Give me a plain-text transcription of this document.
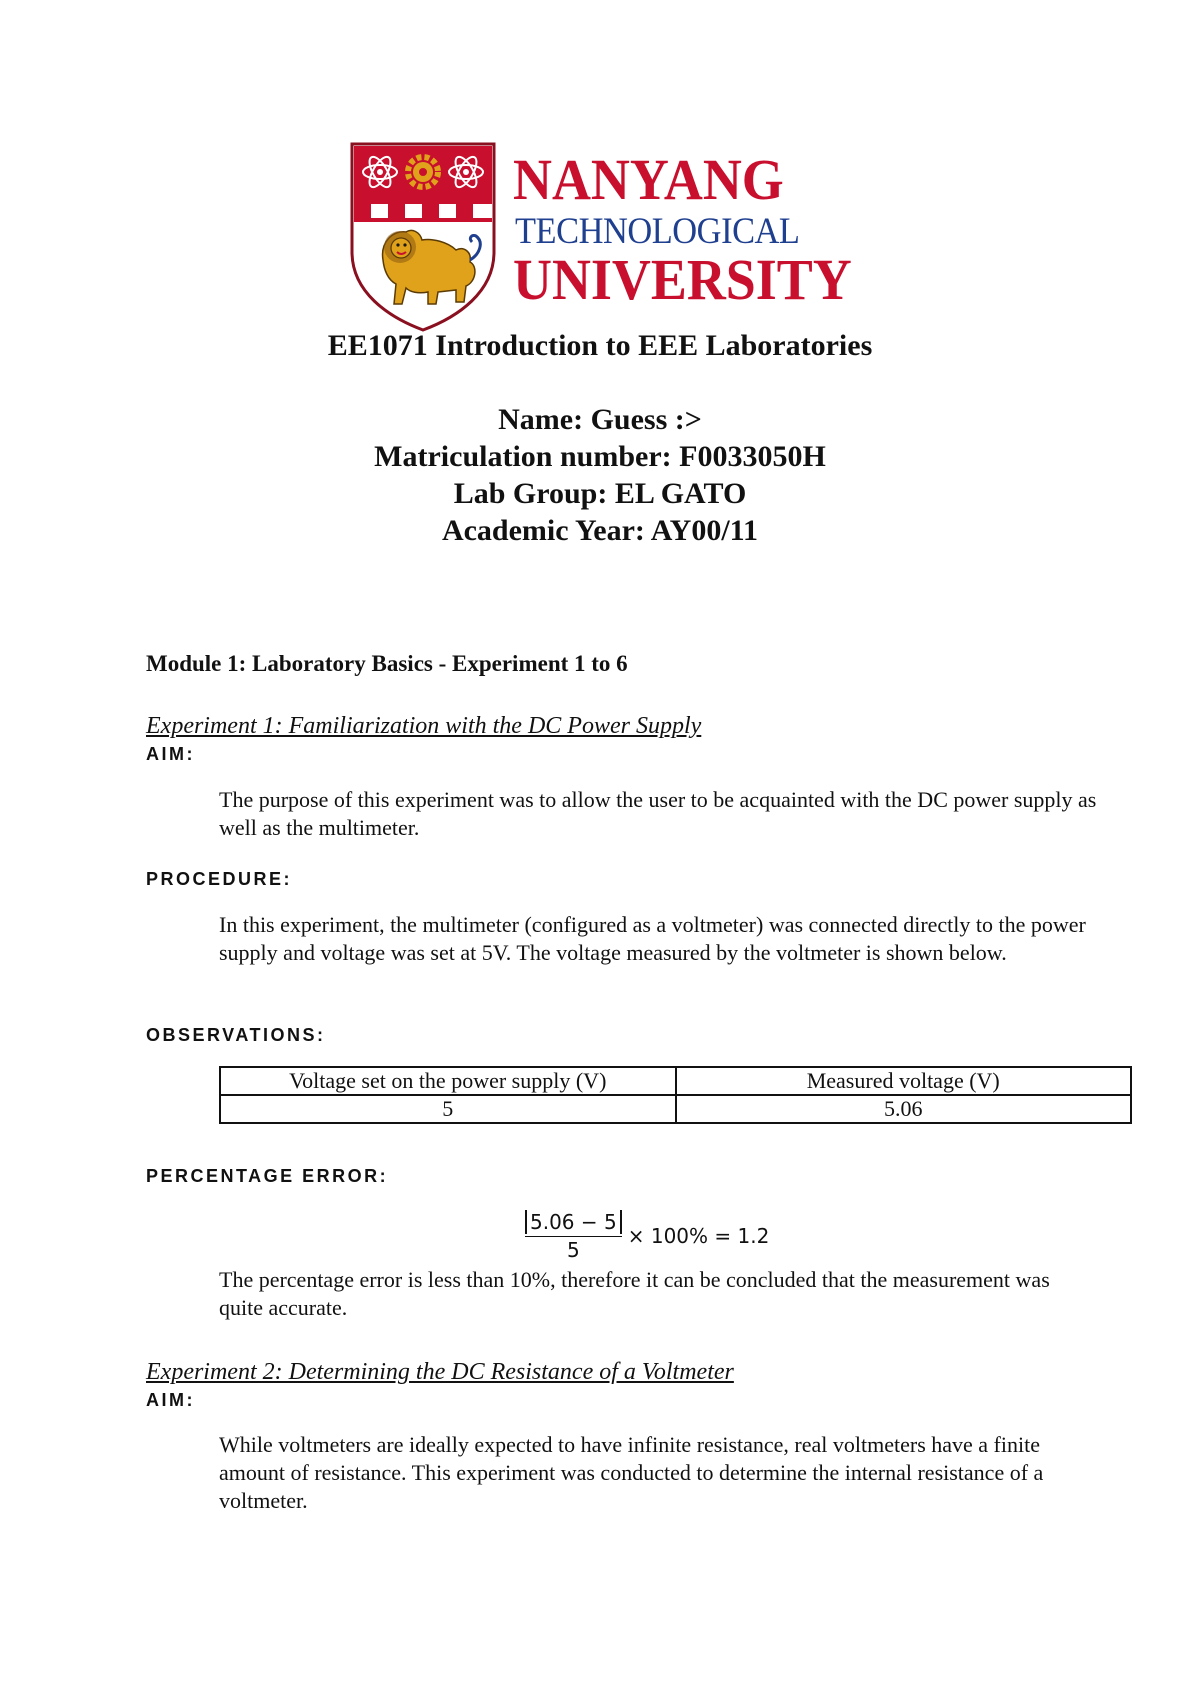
NANYANG
TECHNOLOGICAL
UNIVERSITY
EE1071 Introduction to EEE Laboratories
Name: Guess :>
Matriculation number: F0033050H
Lab Group: EL GATO
Academic Year: AY00/11
Module 1: Laboratory Basics - Experiment 1 to 6
Experiment 1: Familiarization with the DC Power Supply
AIM:
The purpose of this experiment was to allow the user to be acquainted with the DC power supply as well as the multimeter.
PROCEDURE:
In this experiment, the multimeter (configured as a voltmeter) was connected directly to the power supply and voltage was set at 5V. The voltage measured by the voltmeter is shown below.
OBSERVATIONS:
Voltage set on the power supply (V)	Measured voltage (V)
5	5.06
PERCENTAGE ERROR:
$\frac{5.06 - 5}{5} \times 100\% = 1.2$
The percentage error is less than 10%, therefore it can be concluded that the measurement was quite accurate.
Experiment 2: Determining the DC Resistance of a Voltmeter
AIM:
While voltmeters are ideally expected to have infinite resistance, real voltmeters have a finite amount of resistance. This experiment was conducted to determine the internal resistance of a voltmeter.
